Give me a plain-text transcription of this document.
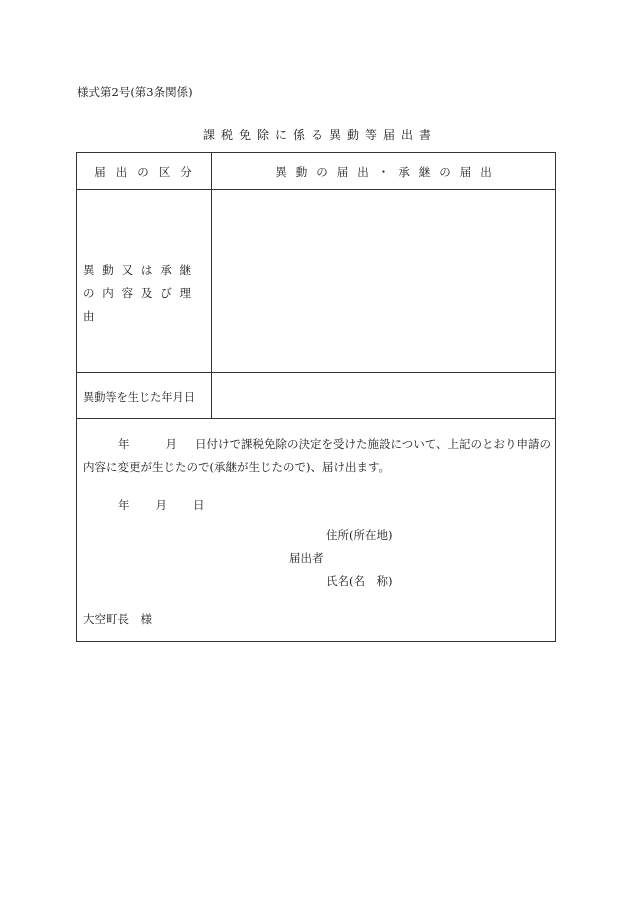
様式第2号(第3条関係)
課税免除に係る異動等届出書
届出の区分	異動の届出・承継の届出
異動又は承継
の内容及び理由
異動等を生じた年月日
年	月 日付けで課税免除の決定を受けた施設について、上記のとおり申請の
内容に変更が生じたので(承継が生じたので)、届け出ます。
年 月 日
住所(所在地)
届出者
氏名(名　称)
大空町長　様
